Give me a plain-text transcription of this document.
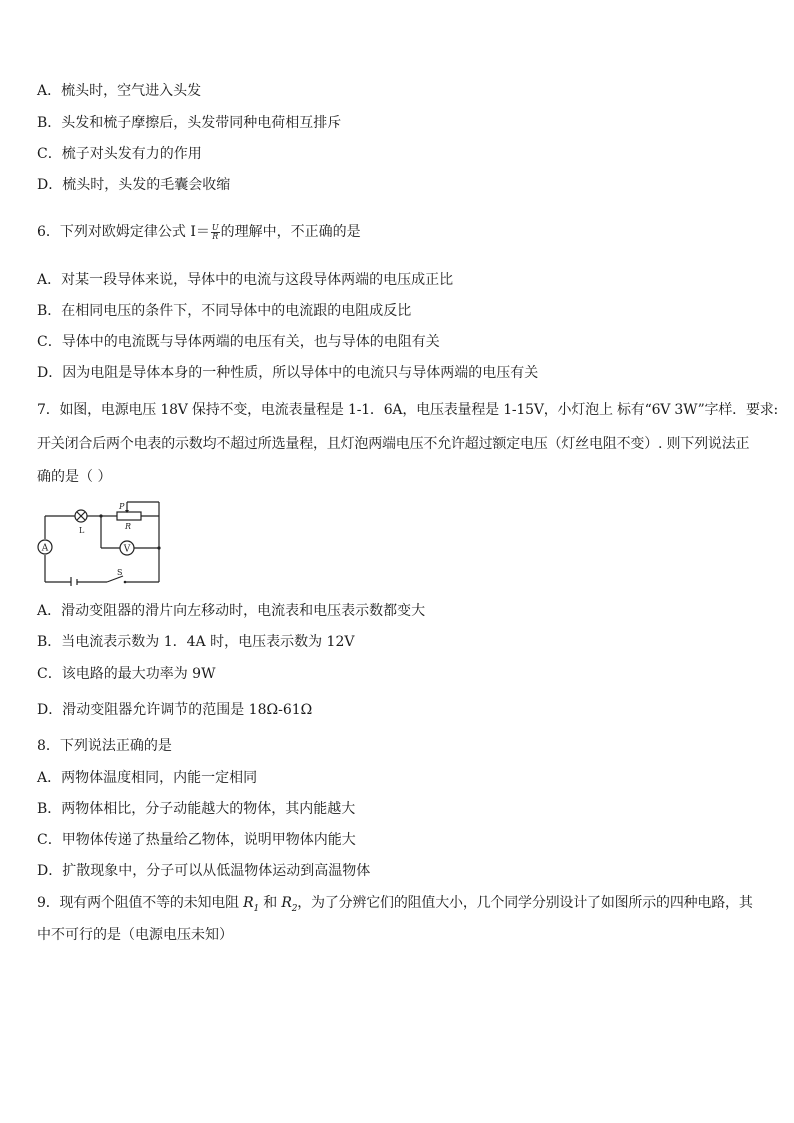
A．梳头时，空气进入头发
B．头发和梳子摩擦后，头发带同种电荷相互排斥
C．梳子对头发有力的作用
D．梳头时，头发的毛囊会收缩
6．下列对欧姆定律公式 $I= \frac{U}{R}$ 的理解中，不正确的是
A．对某一段导体来说，导体中的电流与这段导体两端的电压成正比
B．在相同电压的条件下，不同导体中的电流跟的电阻成反比
C．导体中的电流既与导体两端的电压有关，也与导体的电阻有关
D．因为电阻是导体本身的一种性质，所以导体中的电流只与导体两端的电压有关
7．如图，电源电压 18V 保持不变，电流表量程是 1-1．6A，电压表量程是 1-15V，小灯泡上 标有“6V 3W”字样．要求:
开关闭合后两个电表的示数均不超过所选量程，且灯泡两端电压不允许超过额定电压（灯丝电阻不变）. 则下列说法正
确的是（ ）
A
L
P
R
V
S
A．滑动变阻器的滑片向左移动时，电流表和电压表示数都变大
B．当电流表示数为 1．4A 时，电压表示数为 12V
C．该电路的最大功率为 9W
D．滑动变阻器允许调节的范围是 18Ω-61Ω
8．下列说法正确的是
A．两物体温度相同，内能一定相同
B．两物体相比，分子动能越大的物体，其内能越大
C．甲物体传递了热量给乙物体，说明甲物体内能大
D．扩散现象中，分子可以从低温物体运动到高温物体
9．现有两个阻值不等的未知电阻 $R_1$ 和 $R_2$，为了分辨它们的阻值大小，几个同学分别设计了如图所示的四种电路，其
中不可行的是（电源电压未知）
